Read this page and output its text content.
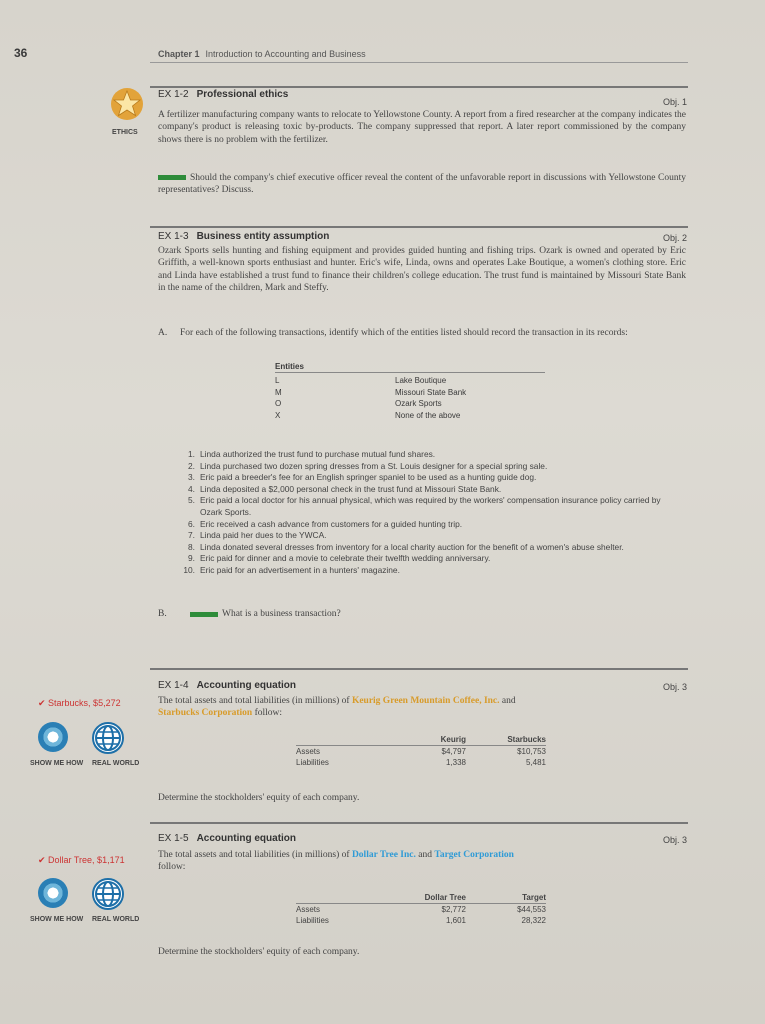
36	Chapter 1 Introduction to Accounting and Business
ETHICS
EX 1-2 Professional ethics
Obj. 1
A fertilizer manufacturing company wants to relocate to Yellowstone County. A report from a fired researcher at the company indicates the company's product is releasing toxic by-products. The company suppressed that report. A later report commissioned by the company shows there is no problem with the fertilizer.
Should the company's chief executive officer reveal the content of the unfavorable report in discussions with Yellowstone County representatives? Discuss.
EX 1-3 Business entity assumption	Obj. 2
Ozark Sports sells hunting and fishing equipment and provides guided hunting and fishing trips. Ozark is owned and operated by Eric Griffith, a well-known sports enthusiast and hunter. Eric's wife, Linda, owns and operates Lake Boutique, a women's clothing store. Eric and Linda have established a trust fund to finance their children's college education. The trust fund is maintained by Missouri State Bank in the name of the children, Mark and Steffy.
A.	For each of the following transactions, identify which of the entities listed should record the transaction in its records:
Entities
L	Lake Boutique
M	Missouri State Bank
O	Ozark Sports
X	None of the above
1. Linda authorized the trust fund to purchase mutual fund shares.
2. Linda purchased two dozen spring dresses from a St. Louis designer for a special spring sale.
3. Eric paid a breeder's fee for an English springer spaniel to be used as a hunting guide dog.
4. Linda deposited a $2,000 personal check in the trust fund at Missouri State Bank.
5. Eric paid a local doctor for his annual physical, which was required by the workers' compensation insurance policy carried by Ozark Sports.
6. Eric received a cash advance from customers for a guided hunting trip.
7. Linda paid her dues to the YWCA.
8. Linda donated several dresses from inventory for a local charity auction for the benefit of a women's abuse shelter.
9. Eric paid for dinner and a movie to celebrate their twelfth wedding anniversary.
10. Eric paid for an advertisement in a hunters' magazine.
B.	What is a business transaction?
✔ Starbucks, $5,272
SHOW ME HOW REAL WORLD
EX 1-4 Accounting equation	Obj. 3
The total assets and total liabilities (in millions) of Keurig Green Mountain Coffee, Inc. and
Starbucks Corporation follow:
Keurig	Starbucks
Assets	$4,797	$10,753
Liabilities	1,338	5,481
Determine the stockholders' equity of each company.
✔ Dollar Tree, $1,171
SHOW ME HOW REAL WORLD
EX 1-5 Accounting equation	Obj. 3
The total assets and total liabilities (in millions) of Dollar Tree Inc. and Target Corporation
follow:
Dollar Tree	Target
Assets	$2,772	$44,553
Liabilities	1,601	28,322
Determine the stockholders' equity of each company.
